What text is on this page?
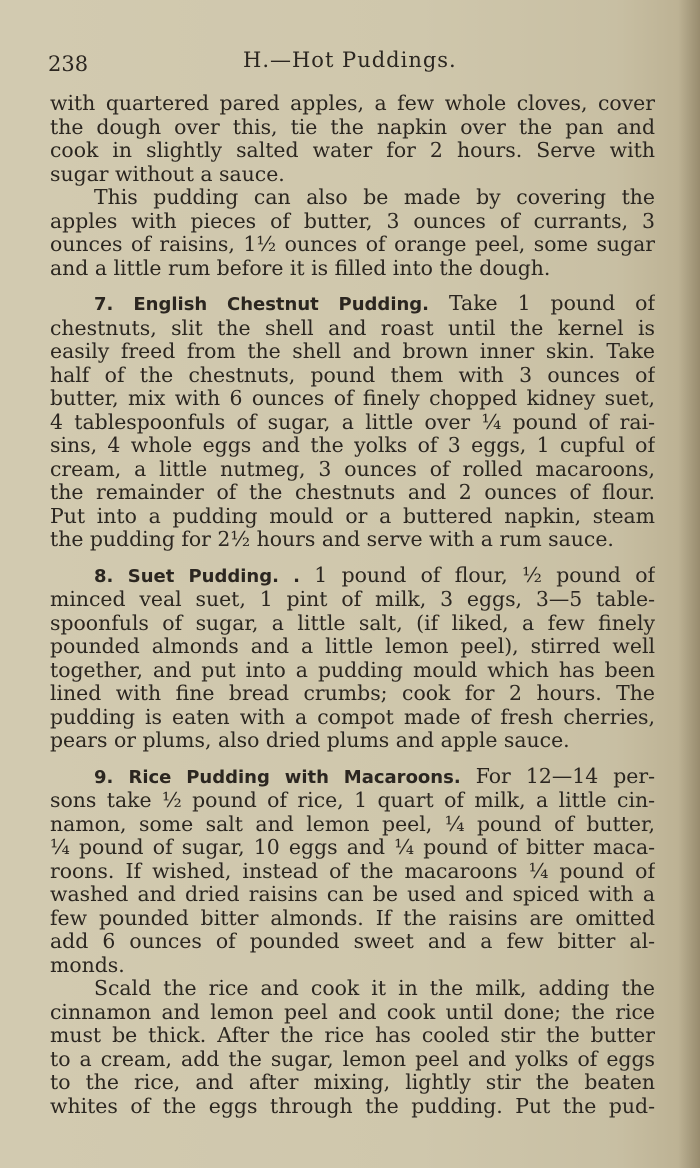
238	H.—Hot Puddings.
with quartered pared apples, a few whole cloves, cover
the dough over this, tie the napkin over the pan and
cook in slightly salted water for 2 hours. Serve with
sugar without a sauce.
This pudding can also be made by covering the
apples with pieces of butter, 3 ounces of currants, 3
ounces of raisins, 1½ ounces of orange peel, some sugar
and a little rum before it is filled into the dough.
7. English Chestnut Pudding. Take 1 pound of
chestnuts, slit the shell and roast until the kernel is
easily freed from the shell and brown inner skin. Take
half of the chestnuts, pound them with 3 ounces of
butter, mix with 6 ounces of finely chopped kidney suet,
4 tablespoonfuls of sugar, a little over ¼ pound of rai-
sins, 4 whole eggs and the yolks of 3 eggs, 1 cupful of
cream, a little nutmeg, 3 ounces of rolled macaroons,
the remainder of the chestnuts and 2 ounces of flour.
Put into a pudding mould or a buttered napkin, steam
the pudding for 2½ hours and serve with a rum sauce.
8. Suet Pudding. . 1 pound of flour, ½ pound of
minced veal suet, 1 pint of milk, 3 eggs, 3—5 table-
spoonfuls of sugar, a little salt, (if liked, a few finely
pounded almonds and a little lemon peel), stirred well
together, and put into a pudding mould which has been
lined with fine bread crumbs; cook for 2 hours. The
pudding is eaten with a compot made of fresh cherries,
pears or plums, also dried plums and apple sauce.
9. Rice Pudding with Macaroons. For 12—14 per-
sons take ½ pound of rice, 1 quart of milk, a little cin-
namon, some salt and lemon peel, ¼ pound of butter,
¼ pound of sugar, 10 eggs and ¼ pound of bitter maca-
roons. If wished, instead of the macaroons ¼ pound of
washed and dried raisins can be used and spiced with a
few pounded bitter almonds. If the raisins are omitted
add 6 ounces of pounded sweet and a few bitter al-
monds.
Scald the rice and cook it in the milk, adding the
cinnamon and lemon peel and cook until done; the rice
must be thick. After the rice has cooled stir the butter
to a cream, add the sugar, lemon peel and yolks of eggs
to the rice, and after mixing, lightly stir the beaten
whites of the eggs through the pudding. Put the pud-
